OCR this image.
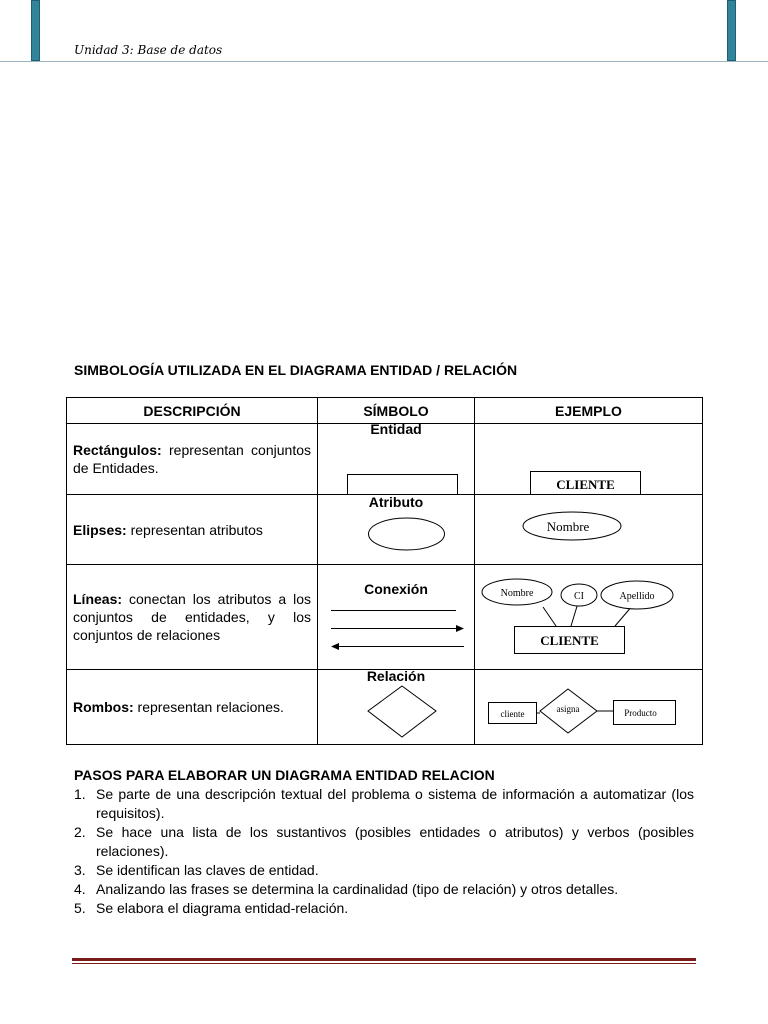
Unidad 3: Base de datos
SIMBOLOGÍA UTILIZADA EN EL DIAGRAMA ENTIDAD / RELACIÓN
DESCRIPCIÓN	SÍMBOLO	EJEMPLO
Rectángulos: representan conjuntos de Entidades.	Entidad	CLIENTE

Elipses: representan atributos	Atributo	Nombre

Líneas: conectan los atributos a los conjuntos de entidades, y los conjuntos de relaciones	Conexión	Nombre CI Apellido
CLIENTE

Rombos: representan relaciones.	Relación	cliente asigna Producto
PASOS PARA ELABORAR UN DIAGRAMA ENTIDAD RELACION
1. Se parte de una descripción textual del problema o sistema de información a automatizar (los requisitos).
2. Se hace una lista de los sustantivos (posibles entidades o atributos) y verbos (posibles relaciones).
3. Se identifican las claves de entidad.
4. Analizando las frases se determina la cardinalidad (tipo de relación) y otros detalles.
5. Se elabora el diagrama entidad-relación.
